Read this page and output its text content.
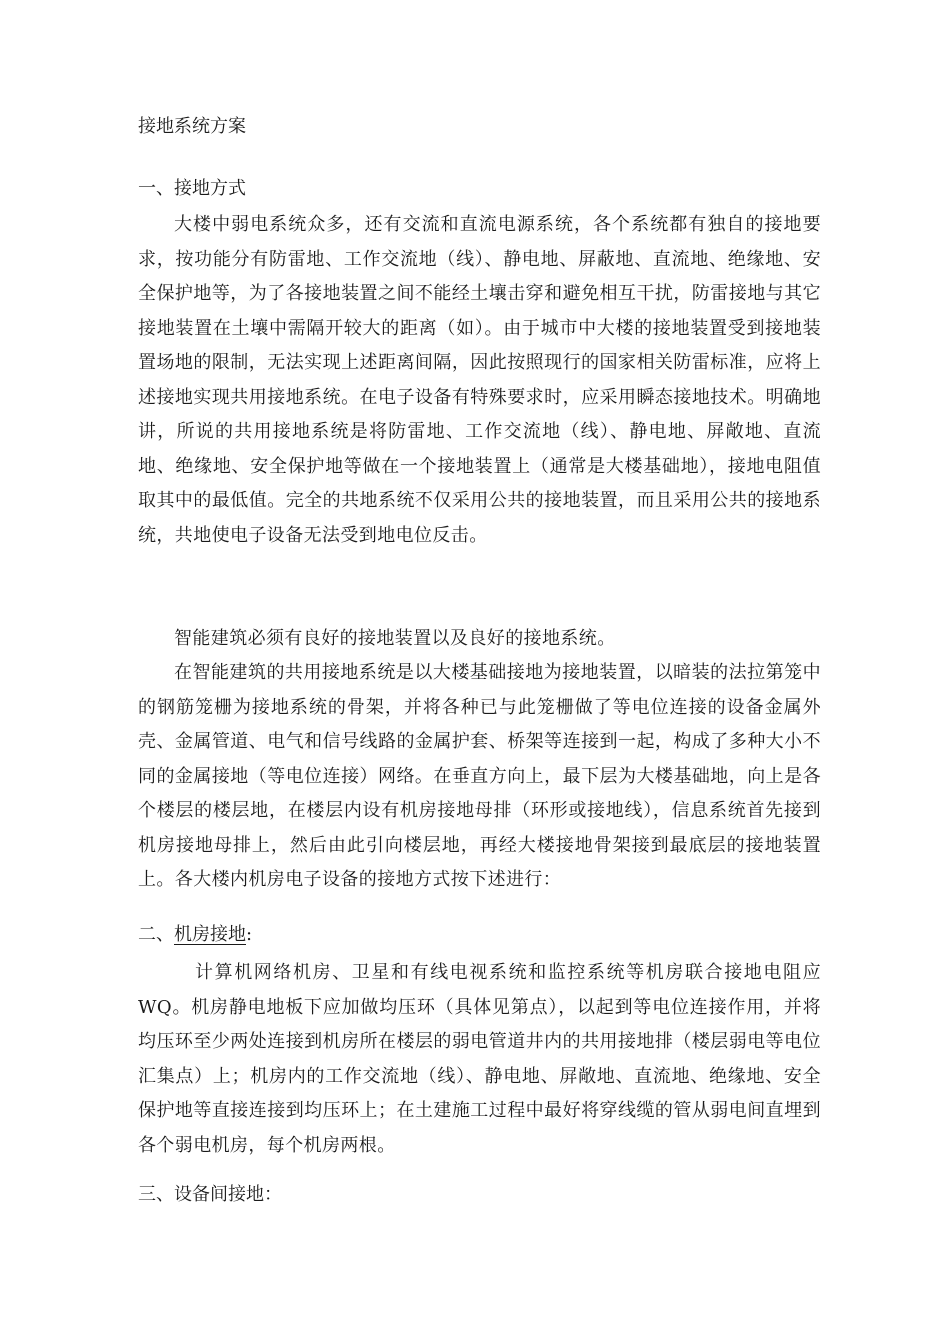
接地系统方案
一、接地方式

大楼中弱电系统众多，还有交流和直流电源系统，各个系统都有独自的接地要求，按功能分有防雷地、工作交流地（线）、静电地、屏蔽地、直流地、绝缘地、安全保护地等，为了各接地装置之间不能经土壤击穿和避免相互干扰，防雷接地与其它接地装置在土壤中需隔开较大的距离（如）。由于城市中大楼的接地装置受到接地装置场地的限制，无法实现上述距离间隔，因此按照现行的国家相关防雷标准，应将上述接地实现共用接地系统。在电子设备有特殊要求时，应采用瞬态接地技术。明确地讲，所说的共用接地系统是将防雷地、工作交流地（线）、静电地、屏敞地、直流地、绝缘地、安全保护地等做在一个接地装置上（通常是大楼基础地），接地电阻值取其中的最低值。完全的共地系统不仅采用公共的接地装置，而且采用公共的接地系统，共地使电子设备无法受到地电位反击。

智能建筑必须有良好的接地装置以及良好的接地系统。

在智能建筑的共用接地系统是以大楼基础接地为接地装置，以暗装的法拉第笼中的钢筋笼栅为接地系统的骨架，并将各种已与此笼栅做了等电位连接的设备金属外壳、金属管道、电气和信号线路的金属护套、桥架等连接到一起，构成了多种大小不同的金属接地（等电位连接）网络。在垂直方向上，最下层为大楼基础地，向上是各个楼层的楼层地，在楼层内设有机房接地母排（环形或接地线），信息系统首先接到机房接地母排上，然后由此引向楼层地，再经大楼接地骨架接到最底层的接地装置上。各大楼内机房电子设备的接地方式按下述进行：

二、机房接地:

计算机网络机房、卫星和有线电视系统和监控系统等机房联合接地电阻应WQ。机房静电地板下应加做均压环（具体见第点），以起到等电位连接作用，并将均压环至少两处连接到机房所在楼层的弱电管道井内的共用接地排（楼层弱电等电位汇集点）上；机房内的工作交流地（线）、静电地、屏敞地、直流地、绝缘地、安全保护地等直接连接到均压环上；在土建施工过程中最好将穿线缆的管从弱电间直埋到各个弱电机房，每个机房两根。

三、设备间接地：
